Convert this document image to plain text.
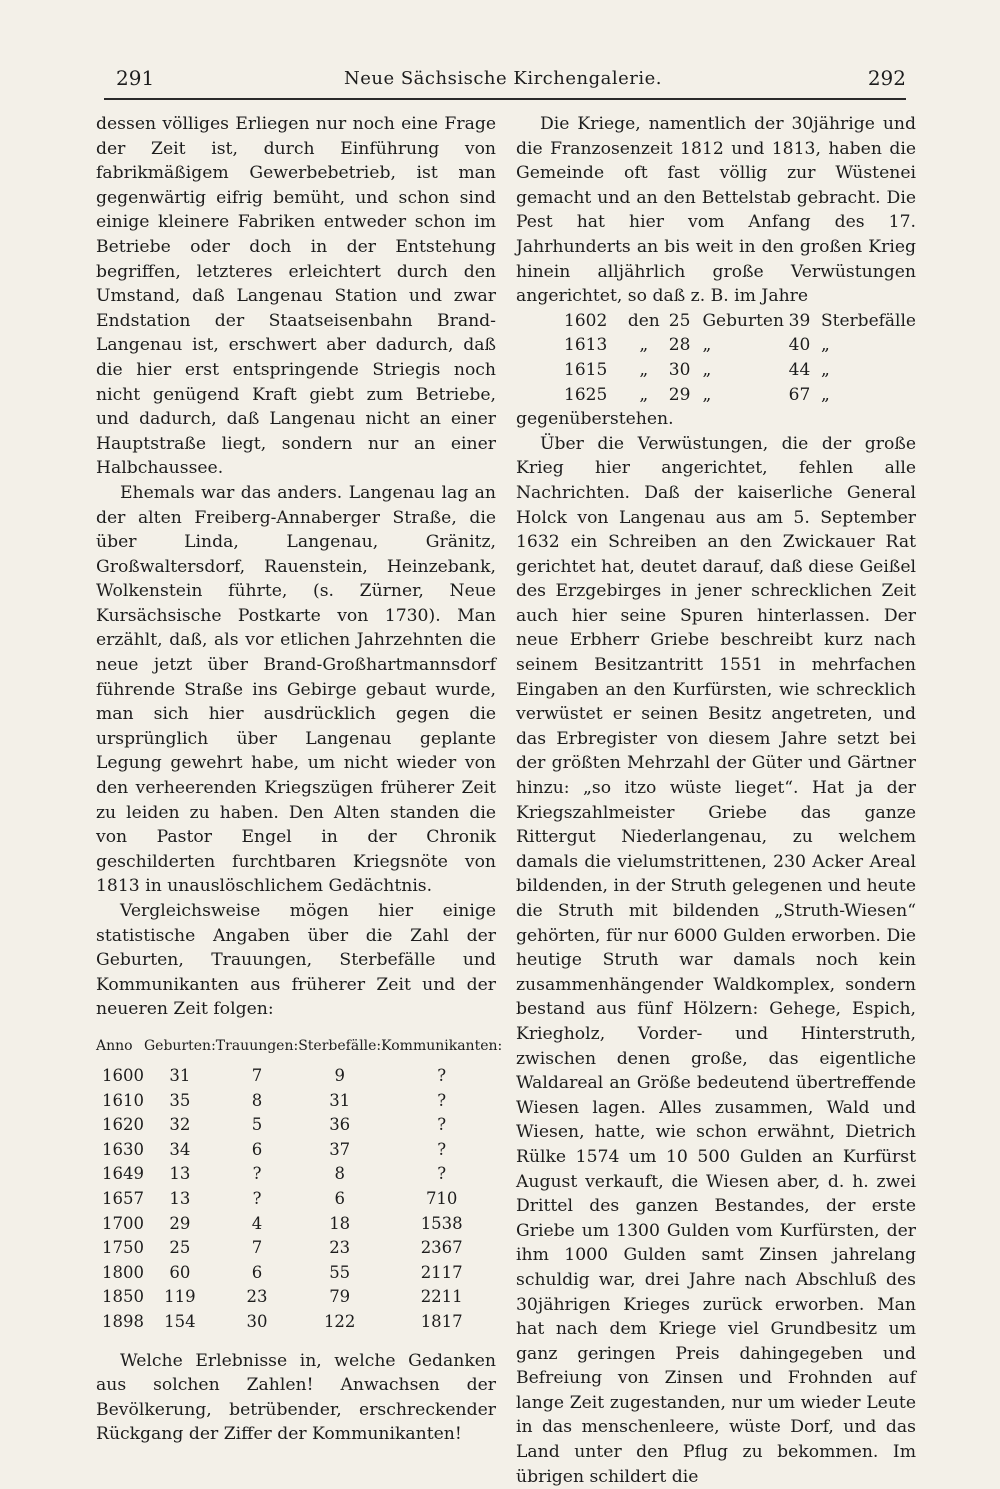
291	Neue Sächsische Kirchengalerie.	292

dessen völliges Erliegen nur noch eine Frage der Zeit ist, durch Einführung von fabrikmäßigem Gewerbebetrieb, ist man gegenwärtig eifrig bemüht, und schon sind einige kleinere Fabriken entweder schon im Betriebe oder doch in der Entstehung begriffen, letzteres erleichtert durch den Umstand, daß Langenau Station und zwar Endstation der Staatseisenbahn Brand-Langenau ist, erschwert aber dadurch, daß die hier erst entspringende Striegis noch nicht genügend Kraft giebt zum Betriebe, und dadurch, daß Langenau nicht an einer Hauptstraße liegt, sondern nur an einer Halbchaussee.

Ehemals war das anders. Langenau lag an der alten Freiberg-Annaberger Straße, die über Linda, Langenau, Gränitz, Großwaltersdorf, Rauenstein, Heinzebank, Wolkenstein führte, (s. Zürner, Neue Kursächsische Postkarte von 1730). Man erzählt, daß, als vor etlichen Jahrzehnten die neue jetzt über Brand-Großhartmannsdorf führende Straße ins Gebirge gebaut wurde, man sich hier ausdrücklich gegen die ursprünglich über Langenau geplante Legung gewehrt habe, um nicht wieder von den verheerenden Kriegszügen früherer Zeit zu leiden zu haben. Den Alten standen die von Pastor Engel in der Chronik geschilderten furchtbaren Kriegsnöte von 1813 in unauslöschlichem Gedächtnis.

Vergleichsweise mögen hier einige statistische Angaben über die Zahl der Geburten, Trauungen, Sterbefälle und Kommunikanten aus früherer Zeit und der neueren Zeit folgen:

Anno	Geburten:	Trauungen:	Sterbefälle:	Kommunikanten:
1600	31	7	9	?
1610	35	8	31	?
1620	32	5	36	?
1630	34	6	37	?
1649	13	?	8	?
1657	13	?	6	710
1700	29	4	18	1538
1750	25	7	23	2367
1800	60	6	55	2117
1850	119	23	79	2211
1898	154	30	122	1817

Welche Erlebnisse in, welche Gedanken aus solchen Zahlen! Anwachsen der Bevölkerung, betrübender, erschreckender Rückgang der Ziffer der Kommunikanten!

Die Kriege, namentlich der 30jährige und die Franzosenzeit 1812 und 1813, haben die Gemeinde oft fast völlig zur Wüstenei gemacht und an den Bettelstab gebracht. Die Pest hat hier vom Anfang des 17. Jahrhunderts an bis weit in den großen Krieg hinein alljährlich große Verwüstungen angerichtet, so daß z. B. im Jahre

1602	den	25	Geburten	39	Sterbefälle
1613	„	28	„	40	„
1615	„	30	„	44	„
1625	„	29	„	67	„

gegenüberstehen.

Über die Verwüstungen, die der große Krieg hier angerichtet, fehlen alle Nachrichten. Daß der kaiserliche General Holck von Langenau aus am 5. September 1632 ein Schreiben an den Zwickauer Rat gerichtet hat, deutet darauf, daß diese Geißel des Erzgebirges in jener schrecklichen Zeit auch hier seine Spuren hinterlassen. Der neue Erbherr Griebe beschreibt kurz nach seinem Besitzantritt 1551 in mehrfachen Eingaben an den Kurfürsten, wie schrecklich verwüstet er seinen Besitz angetreten, und das Erbregister von diesem Jahre setzt bei der größten Mehrzahl der Güter und Gärtner hinzu: „so itzo wüste lieget“. Hat ja der Kriegszahlmeister Griebe das ganze Rittergut Niederlangenau, zu welchem damals die vielumstrittenen, 230 Acker Areal bildenden, in der Struth gelegenen und heute die Struth mit bildenden „Struth-Wiesen“ gehörten, für nur 6000 Gulden erworben. Die heutige Struth war damals noch kein zusammenhängender Waldkomplex, sondern bestand aus fünf Hölzern: Gehege, Espich, Kriegholz, Vorder- und Hinterstruth, zwischen denen große, das eigentliche Waldareal an Größe bedeutend übertreffende Wiesen lagen. Alles zusammen, Wald und Wiesen, hatte, wie schon erwähnt, Dietrich Rülke 1574 um 10 500 Gulden an Kurfürst August verkauft, die Wiesen aber, d. h. zwei Drittel des ganzen Bestandes, der erste Griebe um 1300 Gulden vom Kurfürsten, der ihm 1000 Gulden samt Zinsen jahrelang schuldig war, drei Jahre nach Abschluß des 30jährigen Krieges zurück erworben. Man hat nach dem Kriege viel Grundbesitz um ganz geringen Preis dahingegeben und Befreiung von Zinsen und Frohnden auf lange Zeit zugestanden, nur um wieder Leute in das menschenleere, wüste Dorf, und das Land unter den Pflug zu bekommen. Im übrigen schildert die
